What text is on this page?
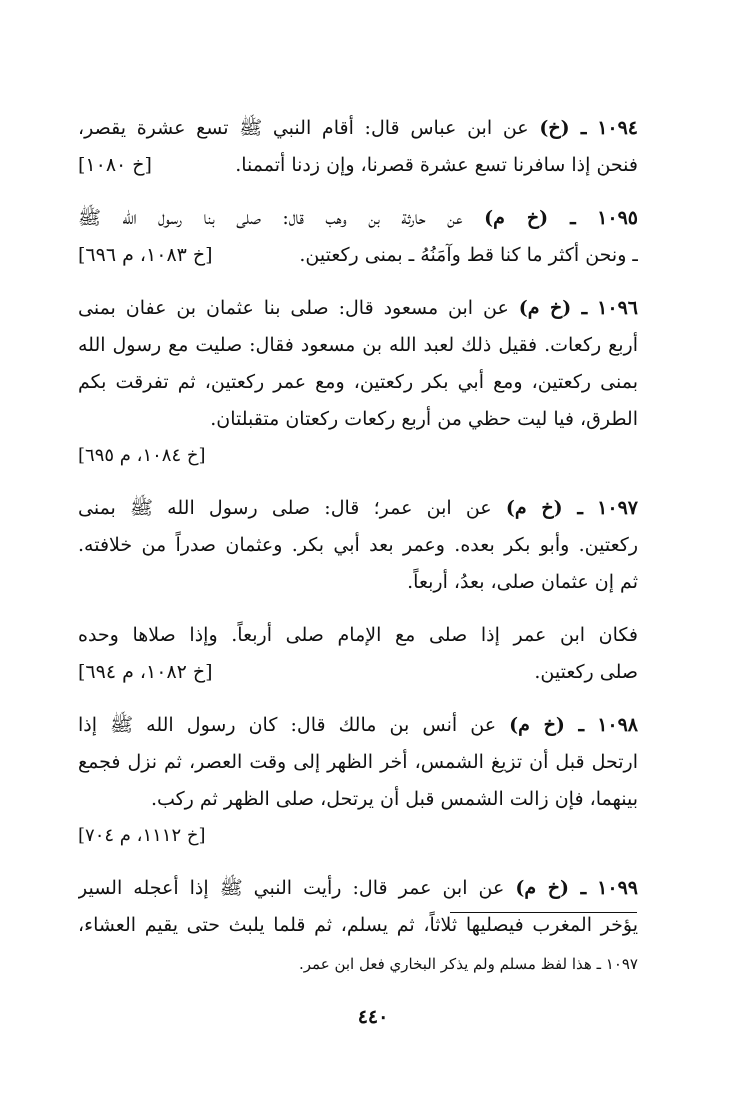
١٠٩٤ ـ (خ) عن ابن عباس قال: أقام النبي ﷺ تسع عشرة يقصر،
فنحن إذا سافرنا تسع عشرة قصرنا، وإن زدنا أتممنا.
[خ ١٠٨٠]
١٠٩٥ ـ (خ م) عن حارثة بن وهب قال: صلى بنا رسول الله ﷺ
ـ ونحن أكثر ما كنا قط وآمَنُهُ ـ بمنى ركعتين.
[خ ١٠٨٣، م ٦٩٦]
١٠٩٦ ـ (خ م) عن ابن مسعود قال: صلى بنا عثمان بن عفان بمنى
أربع ركعات. فقيل ذلك لعبد الله بن مسعود فقال: صليت مع رسول الله
بمنى ركعتين، ومع أبي بكر ركعتين، ومع عمر ركعتين، ثم تفرقت بكم
الطرق، فيا ليت حظي من أربع ركعات ركعتان متقبلتان.
[خ ١٠٨٤، م ٦٩٥]
١٠٩٧ ـ (خ م) عن ابن عمر؛ قال: صلى رسول الله ﷺ بمنى
ركعتين. وأبو بكر بعده. وعمر بعد أبي بكر. وعثمان صدراً من خلافته.
ثم إن عثمان صلى، بعدُ، أربعاً.
فكان ابن عمر إذا صلى مع الإمام صلى أربعاً. وإذا صلاها وحده
صلى ركعتين.
[خ ١٠٨٢، م ٦٩٤]
١٠٩٨ ـ (خ م) عن أنس بن مالك قال: كان رسول الله ﷺ إذا
ارتحل قبل أن تزيغ الشمس، أخر الظهر إلى وقت العصر، ثم نزل فجمع
بينهما، فإن زالت الشمس قبل أن يرتحل، صلى الظهر ثم ركب.
[خ ١١١٢، م ٧٠٤]
١٠٩٩ ـ (خ م) عن ابن عمر قال: رأيت النبي ﷺ إذا أعجله السير
يؤخر المغرب فيصليها ثلاثاً، ثم يسلم، ثم قلما يلبث حتى يقيم العشاء،
١٠٩٧ ـ هذا لفظ مسلم ولم يذكر البخاري فعل ابن عمر.
٤٤٠
